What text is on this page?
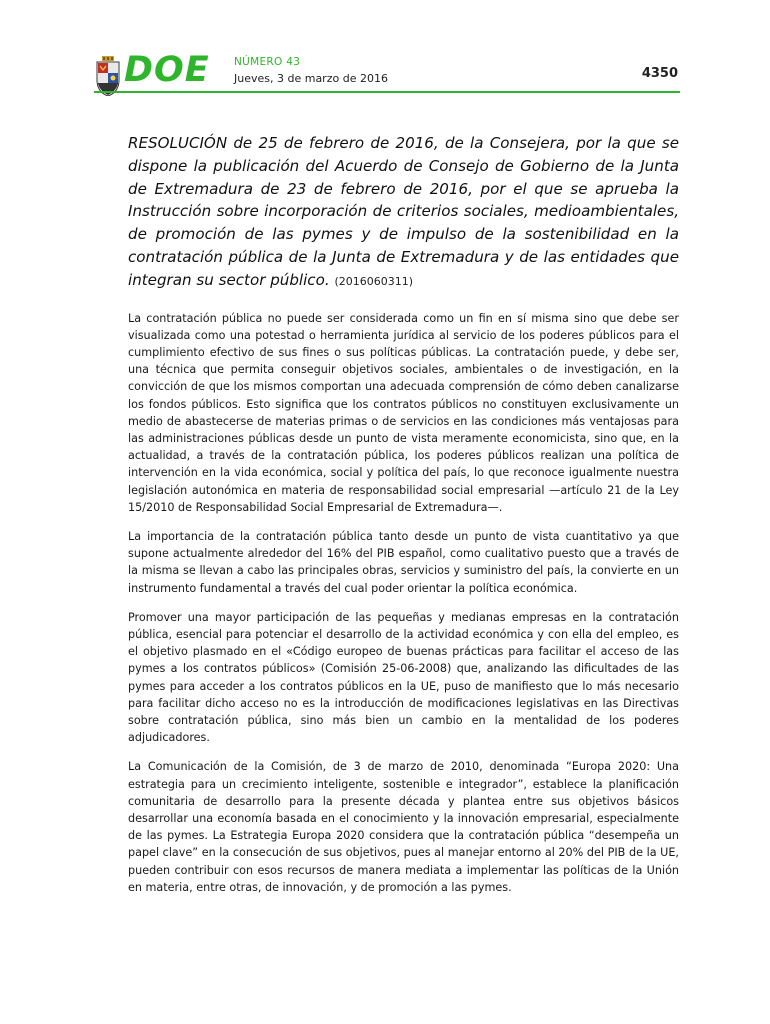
DOE NÚMERO 43
Jueves, 3 de marzo de 2016	4350

RESOLUCIÓN de 25 de febrero de 2016, de la Consejera, por la que se dispone la publicación del Acuerdo de Consejo de Gobierno de la Junta de Extremadura de 23 de febrero de 2016, por el que se aprueba la Instrucción sobre incorporación de criterios sociales, medioambientales, de promoción de las pymes y de impulso de la sostenibilidad en la contratación pública de la Junta de Extremadura y de las entidades que integran su sector público. (2016060311)

La contratación pública no puede ser considerada como un fin en sí misma sino que debe ser visualizada como una potestad o herramienta jurídica al servicio de los poderes públicos para el cumplimiento efectivo de sus fines o sus políticas públicas. La contratación puede, y debe ser, una técnica que permita conseguir objetivos sociales, ambientales o de investigación, en la convicción de que los mismos comportan una adecuada comprensión de cómo deben canalizarse los fondos públicos. Esto significa que los contratos públicos no constituyen exclusivamente un medio de abastecerse de materias primas o de servicios en las condiciones más ventajosas para las administraciones públicas desde un punto de vista meramente economicista, sino que, en la actualidad, a través de la contratación pública, los poderes públicos realizan una política de intervención en la vida económica, social y política del país, lo que reconoce igualmente nuestra legislación autonómica en materia de responsabilidad social empresarial —artículo 21 de la Ley 15/2010 de Responsabilidad Social Empresarial de Extremadura—.

La importancia de la contratación pública tanto desde un punto de vista cuantitativo ya que supone actualmente alrededor del 16% del PIB español, como cualitativo puesto que a través de la misma se llevan a cabo las principales obras, servicios y suministro del país, la convierte en un instrumento fundamental a través del cual poder orientar la política económica.

Promover una mayor participación de las pequeñas y medianas empresas en la contratación pública, esencial para potenciar el desarrollo de la actividad económica y con ella del empleo, es el objetivo plasmado en el «Código europeo de buenas prácticas para facilitar el acceso de las pymes a los contratos públicos» (Comisión 25-06-2008) que, analizando las dificultades de las pymes para acceder a los contratos públicos en la UE, puso de manifiesto que lo más necesario para facilitar dicho acceso no es la introducción de modificaciones legislativas en las Directivas sobre contratación pública, sino más bien un cambio en la mentalidad de los poderes adjudicadores.

La Comunicación de la Comisión, de 3 de marzo de 2010, denominada “Europa 2020: Una estrategia para un crecimiento inteligente, sostenible e integrador”, establece la planificación comunitaria de desarrollo para la presente década y plantea entre sus objetivos básicos desarrollar una economía basada en el conocimiento y la innovación empresarial, especialmente de las pymes. La Estrategia Europa 2020 considera que la contratación pública “desempeña un papel clave” en la consecución de sus objetivos, pues al manejar entorno al 20% del PIB de la UE, pueden contribuir con esos recursos de manera mediata a implementar las políticas de la Unión en materia, entre otras, de innovación, y de promoción a las pymes.
